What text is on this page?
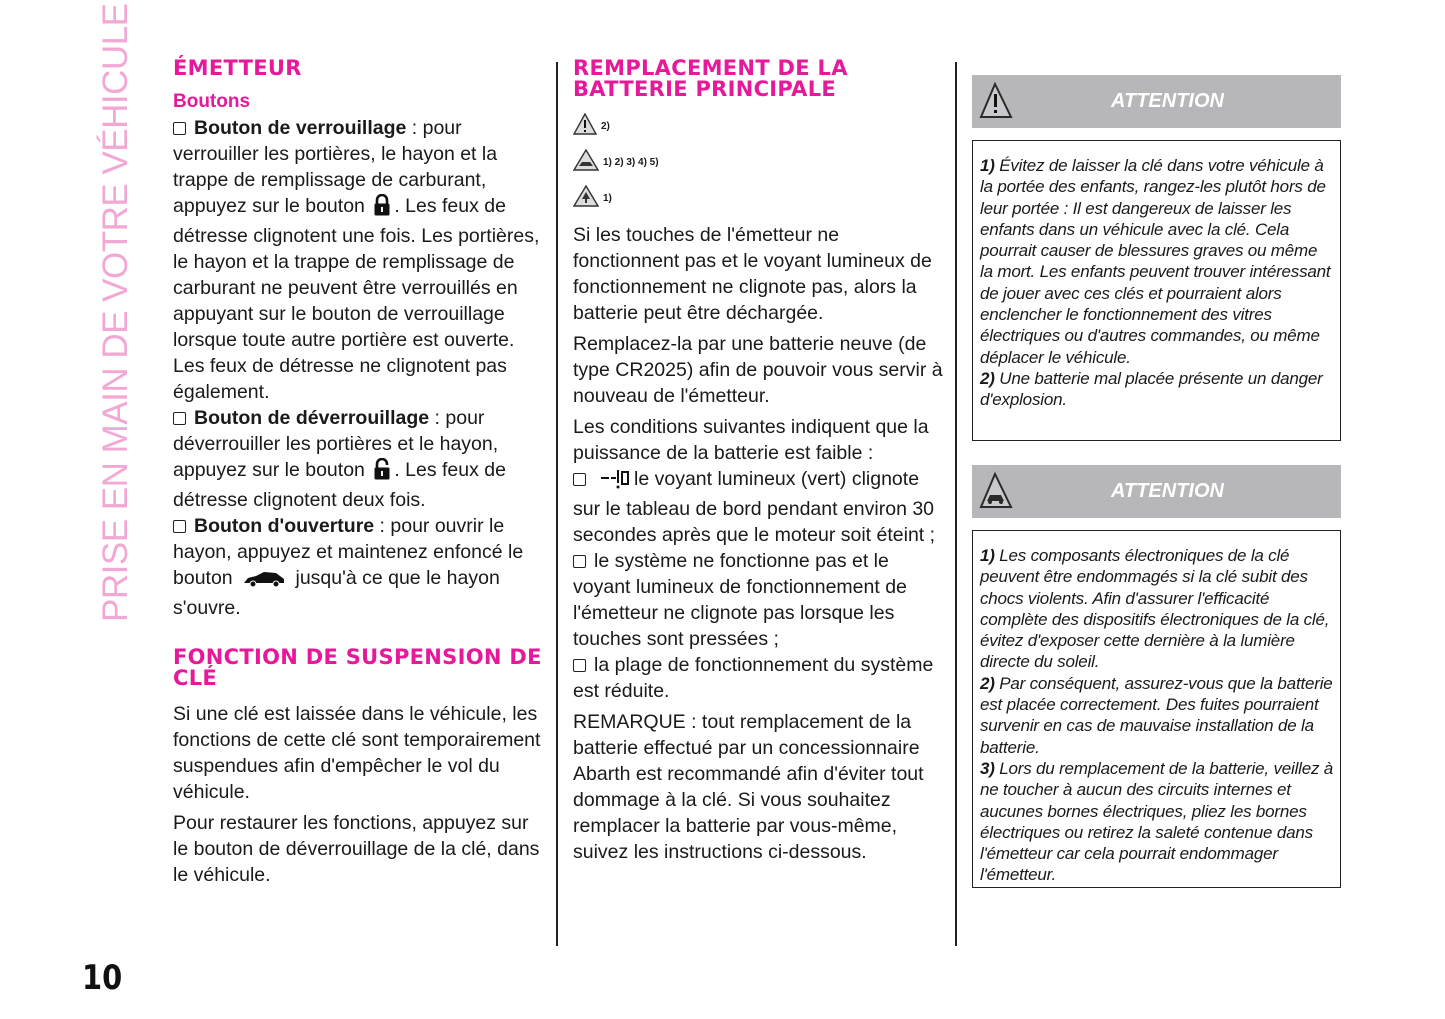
PRISE EN MAIN DE VOTRE VÉHICULE
10
ÉMETTEUR
Boutons

Bouton de verrouillage : pour verrouiller les portières, le hayon et la trappe de remplissage de carburant, appuyez sur le bouton . Les feux de détresse clignotent une fois. Les portières, le hayon et la trappe de remplissage de carburant ne peuvent être verrouillés en appuyant sur le bouton de verrouillage lorsque toute autre portière est ouverte. Les feux de détresse ne clignotent pas également.

Bouton de déverrouillage : pour déverrouiller les portières et le hayon, appuyez sur le bouton . Les feux de détresse clignotent deux fois.

Bouton d'ouverture : pour ouvrir le hayon, appuyez et maintenez enfoncé le bouton	jusqu'à ce que le hayon s'ouvre.

FONCTION DE SUSPENSION DE CLÉ

Si une clé est laissée dans le véhicule, les fonctions de cette clé sont temporairement suspendues afin d'empêcher le vol du véhicule.

Pour restaurer les fonctions, appuyez sur le bouton de déverrouillage de la clé, dans le véhicule.

REMPLACEMENT DE LA BATTERIE PRINCIPALE
2)
1) 2) 3) 4) 5)
1)

Si les touches de l'émetteur ne fonctionnent pas et le voyant lumineux de fonctionnement ne clignote pas, alors la batterie peut être déchargée.

Remplacez-la par une batterie neuve (de type CR2025) afin de pouvoir vous servir à nouveau de l'émetteur.

Les conditions suivantes indiquent que la puissance de la batterie est faible :

le voyant lumineux (vert) clignote sur le tableau de bord pendant environ 30 secondes après que le moteur soit éteint ;

le système ne fonctionne pas et le voyant lumineux de fonctionnement de l'émetteur ne clignote pas lorsque les touches sont pressées ;

la plage de fonctionnement du système est réduite.

REMARQUE : tout remplacement de la batterie effectué par un concessionnaire Abarth est recommandé afin d'éviter tout dommage à la clé. Si vous souhaitez remplacer la batterie par vous-même, suivez les instructions ci-dessous.

ATTENTION
1) Évitez de laisser la clé dans votre véhicule à la portée des enfants, rangez-les plutôt hors de leur portée : Il est dangereux de laisser les enfants dans un véhicule avec la clé. Cela pourrait causer de blessures graves ou même la mort. Les enfants peuvent trouver intéressant de jouer avec ces clés et pourraient alors enclencher le fonctionnement des vitres électriques ou d'autres commandes, ou même déplacer le véhicule.
2) Une batterie mal placée présente un danger d'explosion.
ATTENTION
1) Les composants électroniques de la clé peuvent être endommagés si la clé subit des chocs violents. Afin d'assurer l'efficacité complète des dispositifs électroniques de la clé, évitez d'exposer cette dernière à la lumière directe du soleil.
2) Par conséquent, assurez-vous que la batterie est placée correctement. Des fuites pourraient survenir en cas de mauvaise installation de la batterie.
3) Lors du remplacement de la batterie, veillez à ne toucher à aucun des circuits internes et aucunes bornes électriques, pliez les bornes électriques ou retirez la saleté contenue dans l'émetteur car cela pourrait endommager l'émetteur.
